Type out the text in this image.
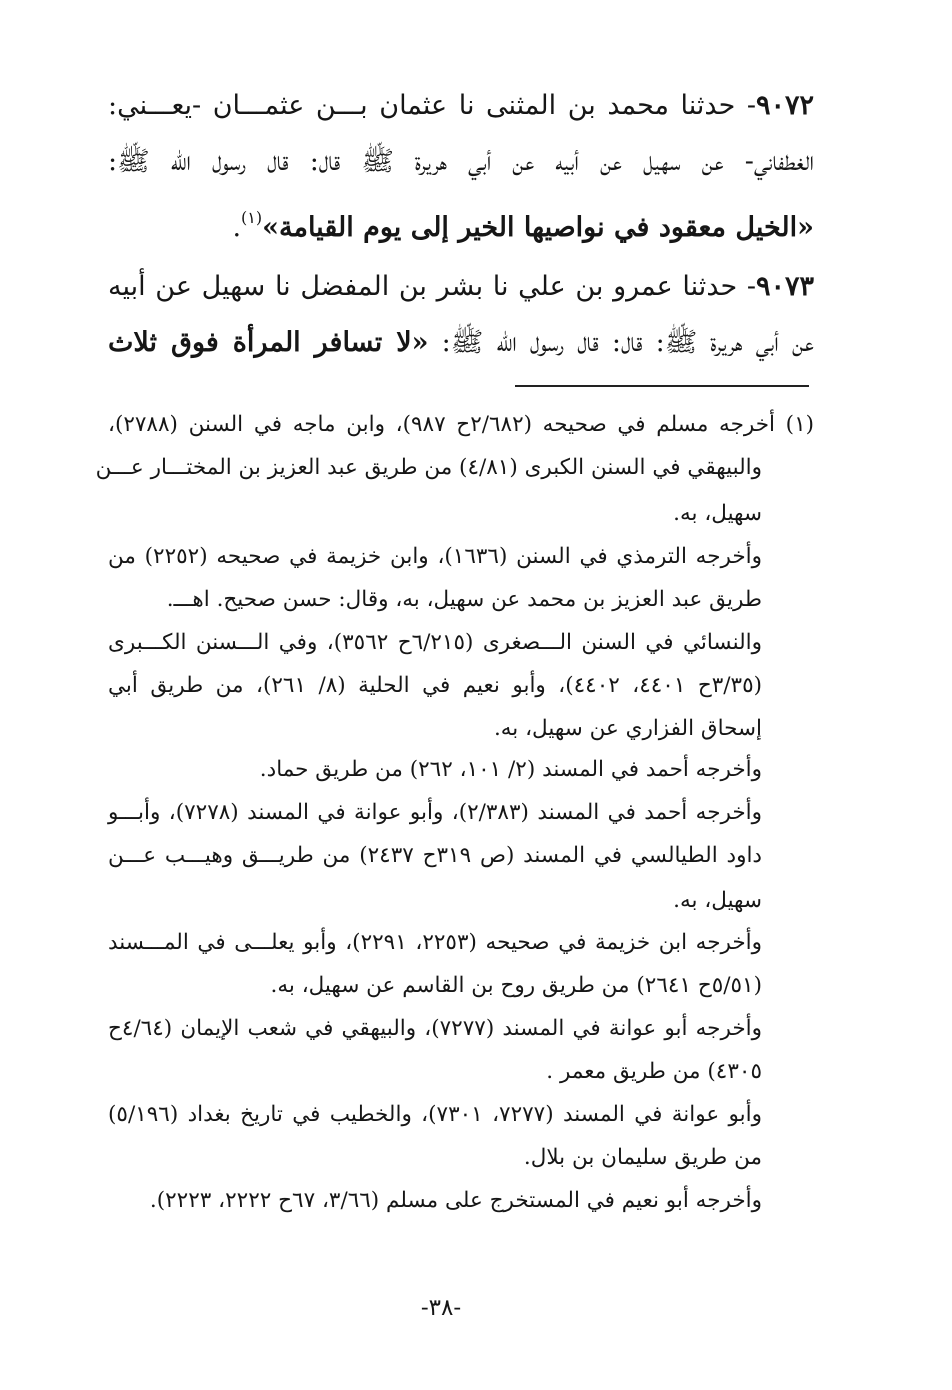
٩٠٧٢- حدثنا محمد بن المثنى نا عثمان بـــن عثمـــان -يعـــني:
الغطفاني- عن سهيل عن أبيه عن أبي هريرة ﷺ قال: قال رسول الله ﷺ:
«الخيل معقود في نواصيها الخير إلى يوم القيامة»$^{(١)}$.
٩٠٧٣- حدثنا عمرو بن علي نا بشر بن المفضل نا سهيل عن أبيه
عن أبي هريرة ﷺ: قال: قال رسول الله ﷺ: «لا تسافر المرأة فوق ثلاث
(١) أخرجه مسلم في صحيحه (٢/٦٨٢ح ٩٨٧)، وابن ماجه في السنن (٢٧٨٨)،
والبيهقي في السنن الكبرى (٤/٨١) من طريق عبد العزيز بن المختـــار عـــن
سهيل، به.
وأخرجه الترمذي في السنن (١٦٣٦)، وابن خزيمة في صحيحه (٢٢٥٢) من
طريق عبد العزيز بن محمد عن سهيل، به، وقال: حسن صحيح. اهـــ.
والنسائي في السنن الـــصغرى (٦/٢١٥ح ٣٥٦٢)، وفي الـــسنن الكـــبرى
(٣/٣٥ح ٤٤٠١، ٤٤٠٢)، وأبو نعيم في الحلية (٨/ ٢٦١)، من طريق أبي
إسحاق الفزاري عن سهيل، به.
وأخرجه أحمد في المسند (٢/ ١٠١، ٢٦٢) من طريق حماد.
وأخرجه أحمد في المسند (٢/٣٨٣)، وأبو عوانة في المسند (٧٢٧٨)، وأبـــو
داود الطيالسي في المسند (ص ٣١٩ح ٢٤٣٧) من طريـــق وهيـــب عـــن
سهيل، به.
وأخرجه ابن خزيمة في صحيحه (٢٢٥٣، ٢٢٩١)، وأبو يعلـــى في المـــسند
(٥/٥١ح ٢٦٤١) من طريق روح بن القاسم عن سهيل، به.
وأخرجه أبو عوانة في المسند (٧٢٧٧)، والبيهقي في شعب الإيمان (٤/٦٤ح
٤٣٠٥) من طريق معمر .
وأبو عوانة في المسند (٧٢٧٧، ٧٣٠١)، والخطيب في تاريخ بغداد (٥/١٩٦)
من طريق سليمان بن بلال.
وأخرجه أبو نعيم في المستخرج على مسلم (٣/٦٦، ٦٧ح ٢٢٢٢، ٢٢٢٣).
-٣٨-
